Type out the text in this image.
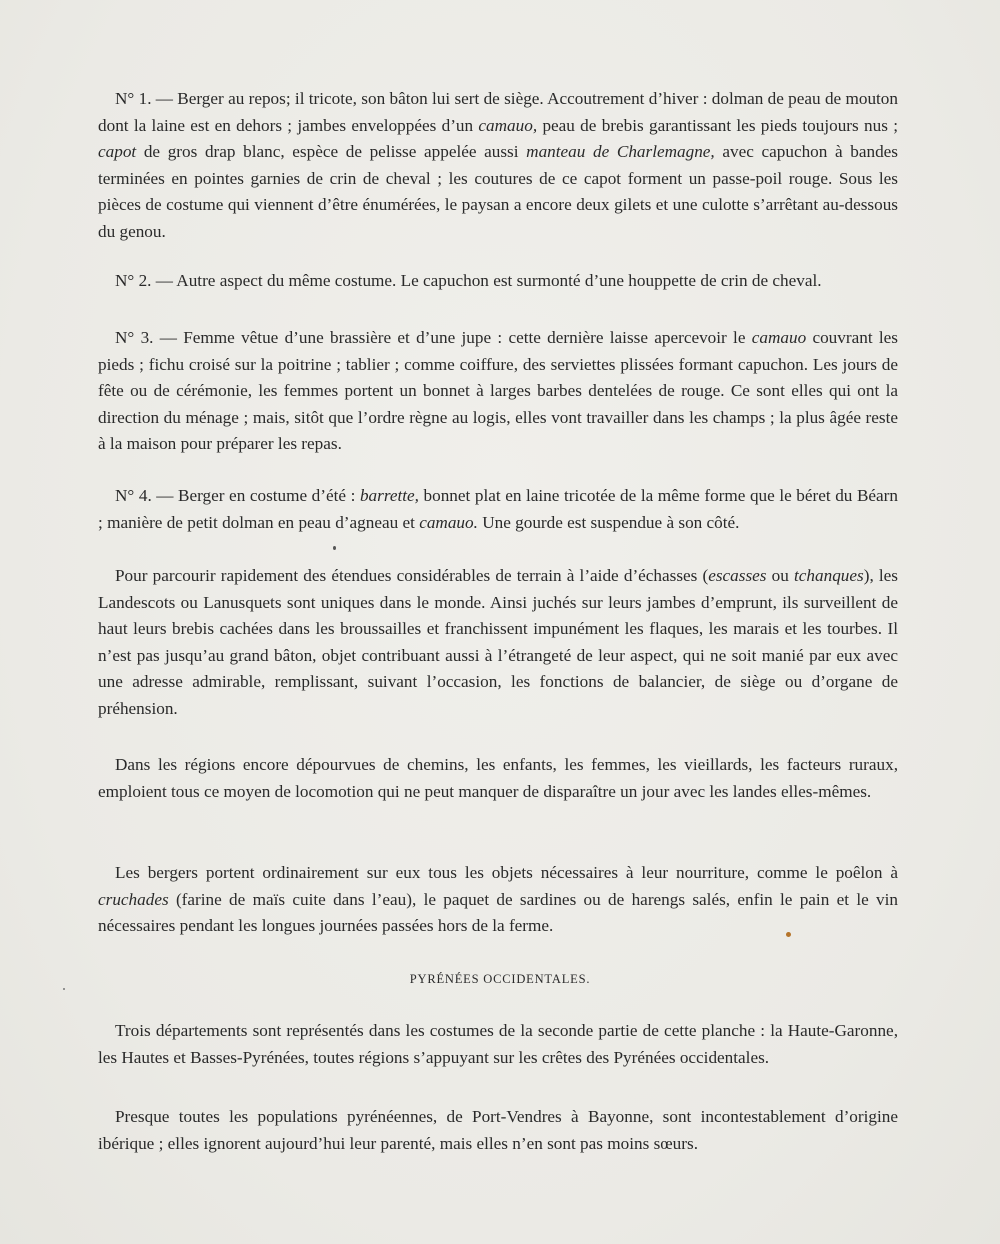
N° 1. — Berger au repos; il tricote, son bâton lui sert de siège. Accoutrement d’hiver : dolman de peau de mouton dont la laine est en dehors ; jambes enveloppées d’un camauo, peau de brebis garantissant les pieds toujours nus ; capot de gros drap blanc, espèce de pelisse appelée aussi manteau de Charlemagne, avec capuchon à bandes terminées en pointes garnies de crin de cheval ; les coutures de ce capot forment un passe-poil rouge. Sous les pièces de costume qui viennent d’être énumérées, le paysan a encore deux gilets et une culotte s’arrêtant au-dessous du genou.

N° 2. — Autre aspect du même costume. Le capuchon est surmonté d’une houppette de crin de cheval.

N° 3. — Femme vêtue d’une brassière et d’une jupe : cette dernière laisse apercevoir le camauo couvrant les pieds ; fichu croisé sur la poitrine ; tablier ; comme coiffure, des serviettes plissées formant capuchon. Les jours de fête ou de cérémonie, les femmes portent un bonnet à larges barbes dentelées de rouge. Ce sont elles qui ont la direction du ménage ; mais, sitôt que l’ordre règne au logis, elles vont travailler dans les champs ; la plus âgée reste à la maison pour préparer les repas.

N° 4. — Berger en costume d’été : barrette, bonnet plat en laine tricotée de la même forme que le béret du Béarn ; manière de petit dolman en peau d’agneau et camauo. Une gourde est suspendue à son côté.

Pour parcourir rapidement des étendues considérables de terrain à l’aide d’échasses (escasses ou tchanques), les Landescots ou Lanusquets sont uniques dans le monde. Ainsi juchés sur leurs jambes d’emprunt, ils surveillent de haut leurs brebis cachées dans les broussailles et franchissent impunément les flaques, les marais et les tourbes. Il n’est pas jusqu’au grand bâton, objet contribuant aussi à l’étrangeté de leur aspect, qui ne soit manié par eux avec une adresse admirable, remplissant, suivant l’occasion, les fonctions de balancier, de siège ou d’organe de préhension.

Dans les régions encore dépourvues de chemins, les enfants, les femmes, les vieillards, les facteurs ruraux, emploient tous ce moyen de locomotion qui ne peut manquer de disparaître un jour avec les landes elles-mêmes.

Les bergers portent ordinairement sur eux tous les objets nécessaires à leur nourriture, comme le poêlon à cruchades (farine de maïs cuite dans l’eau), le paquet de sardines ou de harengs salés, enfin le pain et le vin nécessaires pendant les longues journées passées hors de la ferme.

PYRÉNÉES OCCIDENTALES.

Trois départements sont représentés dans les costumes de la seconde partie de cette planche : la Haute-Garonne, les Hautes et Basses-Pyrénées, toutes régions s’appuyant sur les crêtes des Pyrénées occidentales.

Presque toutes les populations pyrénéennes, de Port-Vendres à Bayonne, sont incontestablement d’origine ibérique ; elles ignorent aujourd’hui leur parenté, mais elles n’en sont pas moins sœurs.
